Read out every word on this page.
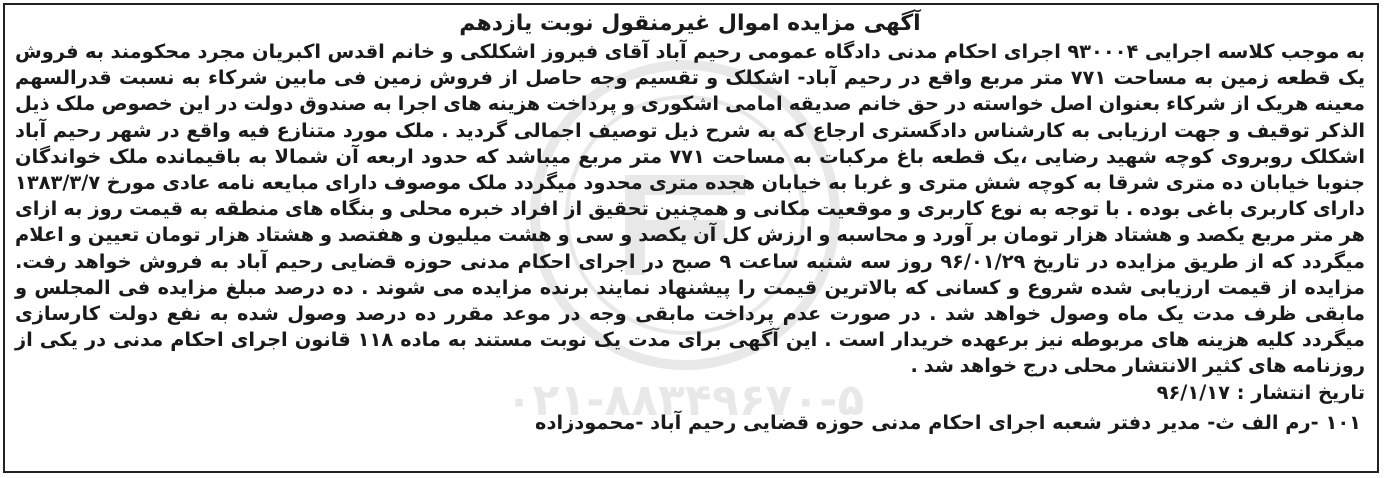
۰۲۱-۸۸۳۴۹۶۷۰-۵
آگهی مزایده اموال غیرمنقول نوبت یازدهم

به موجب کلاسه اجرایی ۹۳۰۰۰۴ اجرای احکام مدنی دادگاه عمومی رحیم آباد آقای فیروز اشکلکی و خانم اقدس اکبریان مجرد محکومند به فروش یک قطعه زمین به مساحت ۷۷۱ متر مربع واقع در رحیم آباد- اشکلک و تقسیم وجه حاصل از فروش زمین فی مابین شرکاء به نسبت قدرالسهم معینه هریک از شرکاء بعنوان اصل خواسته در حق خانم صدیقه امامی اشکوری و پرداخت هزینه های اجرا به صندوق دولت در این خصوص ملک ذیل الذکر توقیف و جهت ارزیابی به کارشناس دادگستری ارجاع که به شرح ذیل توصیف اجمالی گردید . ملک مورد متنازع فیه واقع در شهر رحیم آباد اشکلک روبروی کوچه شهید رضایی ،یک قطعه باغ مرکبات به مساحت ۷۷۱ متر مربع میباشد که حدود اربعه آن شمالا به باقیمانده ملک خواندگان جنوبا خیابان ده متری شرقا به کوچه شش متری و غربا به خیابان هجده متری محدود میگردد ملک موصوف دارای مبایعه نامه عادی مورخ ۱۳۸۳/۳/۷ دارای کاربری باغی بوده . با توجه به نوع کاربری و موقعیت مکانی و همچنین تحقیق از افراد خبره محلی و بنگاه های منطقه به قیمت روز به ازای هر متر مربع یکصد و هشتاد هزار تومان بر آورد و محاسبه و ارزش کل آن یکصد و سی و هشت میلیون و هفتصد و هشتاد هزار تومان تعیین و اعلام میگردد که از طریق مزایده در تاریخ ۹۶/۰۱/۲۹ روز سه شنبه ساعت ۹ صبح در اجرای احکام مدنی حوزه قضایی رحیم آباد به فروش خواهد رفت. مزایده از قیمت ارزیابی شده شروع و کسانی که بالاترین قیمت را پیشنهاد نمایند برنده مزایده می شوند . ده درصد مبلغ مزایده فی المجلس و مابقی ظرف مدت یک ماه وصول خواهد شد . در صورت عدم پرداخت مابقی وجه در موعد مقرر ده درصد وصول شده به نفع دولت کارسازی میگردد کلیه هزینه های مربوطه نیز برعهده خریدار است . این آگهی برای مدت یک نوبت مستند به ماده ۱۱۸ قانون اجرای احکام مدنی در یکی از روزنامه های کثیر الانتشار محلی درج خواهد شد .

تاریخ انتشار : ۹۶/۱/۱۷

۱۰۱ -رم الف ث- مدیر دفتر شعبه اجرای احکام مدنی حوزه قضایی رحیم آباد -محمودزاده
